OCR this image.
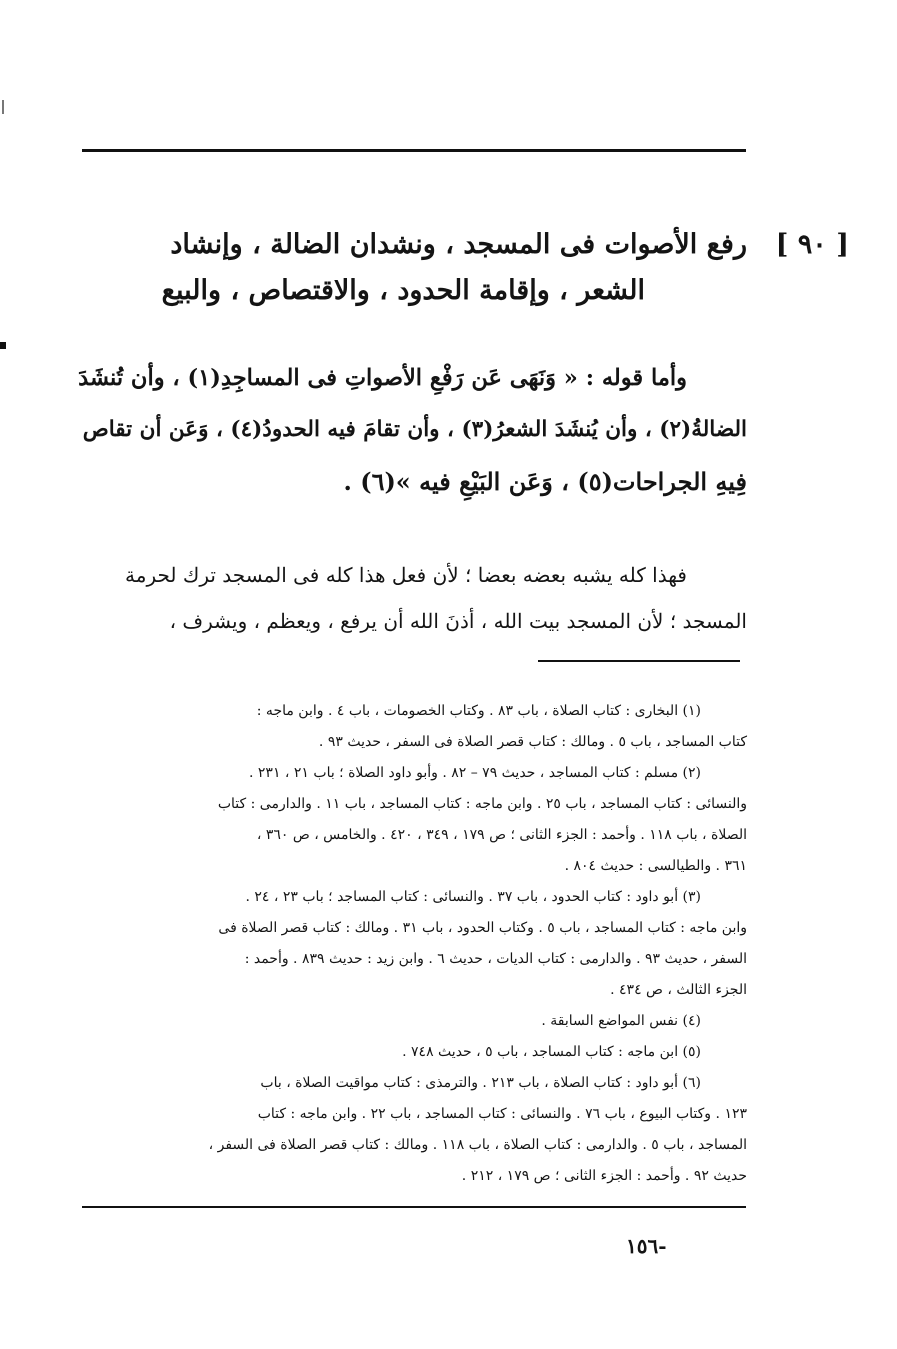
[ ٩٠ ]
رفع الأصوات فى المسجد ، ونشدان الضالة ، وإنشاد
الشعر ، وإقامة الحدود ، والاقتصاص ، والبيع
وأما قوله : « وَنَهَى عَن رَفْعِ الأصواتِ فى المساجِدِ(١) ، وأن تُنشَدَ
الضالةُ(٢) ، وأن يُنشَدَ الشعرُ(٣) ، وأن تقامَ فيه الحدودُ(٤) ، وَعَن أن تقاص
فِيهِ الجراحات(٥) ، وَعَن البَيْعِ فيه »(٦) .
فهذا كله يشبه بعضه بعضا ؛ لأن فعل هذا كله فى المسجد ترك لحرمة
المسجد ؛ لأن المسجد بيت الله ، أذنَ الله أن يرفع ، ويعظم ، ويشرف ،
(١) البخارى : كتاب الصلاة ، باب ٨٣ . وكتاب الخصومات ، باب ٤ . وابن ماجه :
كتاب المساجد ، باب ٥ . ومالك : كتاب قصر الصلاة فى السفر ، حديث ٩٣ .
(٢) مسلم : كتاب المساجد ، حديث ٧٩ – ٨٢ . وأبو داود الصلاة ؛ باب ٢١ ، ٢٣١ .
والنسائى : كتاب المساجد ، باب ٢٥ . وابن ماجه : كتاب المساجد ، باب ١١ . والدارمى : كتاب
الصلاة ، باب ١١٨ . وأحمد : الجزء الثانى ؛ ص ١٧٩ ، ٣٤٩ ، ٤٢٠ . والخامس ، ص ٣٦٠ ،
٣٦١ . والطيالسى : حديث ٨٠٤ .
(٣) أبو داود : كتاب الحدود ، باب ٣٧ . والنسائى : كتاب المساجد ؛ باب ٢٣ ، ٢٤ .
وابن ماجه : كتاب المساجد ، باب ٥ . وكتاب الحدود ، باب ٣١ . ومالك : كتاب قصر الصلاة فى
السفر ، حديث ٩٣ . والدارمى : كتاب الديات ، حديث ٦ . وابن زيد : حديث ٨٣٩ . وأحمد :
الجزء الثالث ، ص ٤٣٤ .
(٤) نفس المواضع السابقة .
(٥) ابن ماجه : كتاب المساجد ، باب ٥ ، حديث ٧٤٨ .
(٦) أبو داود : كتاب الصلاة ، باب ٢١٣ . والترمذى : كتاب مواقيت الصلاة ، باب
١٢٣ . وكتاب البيوع ، باب ٧٦ . والنسائى : كتاب المساجد ، باب ٢٢ . وابن ماجه : كتاب
المساجد ، باب ٥ . والدارمى : كتاب الصلاة ، باب ١١٨ . ومالك : كتاب قصر الصلاة فى السفر ،
حديث ٩٢ . وأحمد : الجزء الثانى ؛ ص ١٧٩ ، ٢١٢ .
-١٥٦
